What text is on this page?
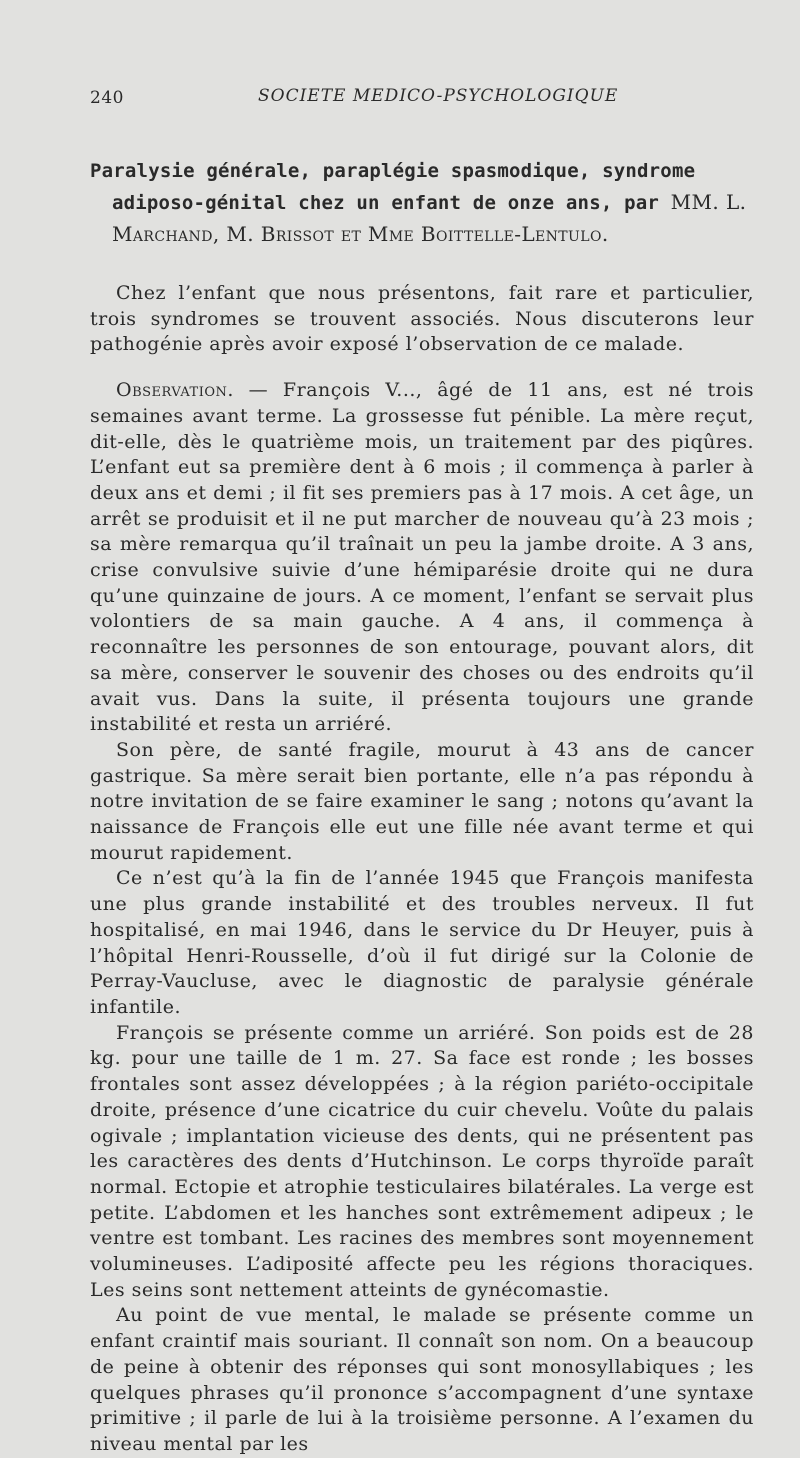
240	SOCIETE MEDICO-PSYCHOLOGIQUE
Paralysie générale, paraplégie spasmodique, syndrome adiposo-génital chez un enfant de onze ans, par MM. L. Marchand, M. Brissot et Mme Boittelle-Lentulo.

Chez l’enfant que nous présentons, fait rare et particulier, trois syndromes se trouvent associés. Nous discuterons leur pathogénie après avoir exposé l’observation de ce malade.

Observation. — François V..., âgé de 11 ans, est né trois semaines avant terme. La grossesse fut pénible. La mère reçut, dit-elle, dès le quatrième mois, un traitement par des piqûres. L’enfant eut sa première dent à 6 mois ; il commença à parler à deux ans et demi ; il fit ses premiers pas à 17 mois. A cet âge, un arrêt se produisit et il ne put marcher de nouveau qu’à 23 mois ; sa mère remarqua qu’il traînait un peu la jambe droite. A 3 ans, crise convulsive suivie d’une hémiparésie droite qui ne dura qu’une quinzaine de jours. A ce moment, l’enfant se servait plus volontiers de sa main gauche. A 4 ans, il commença à reconnaître les personnes de son entourage, pouvant alors, dit sa mère, conserver le souvenir des choses ou des endroits qu’il avait vus. Dans la suite, il présenta toujours une grande instabilité et resta un arriéré.

Son père, de santé fragile, mourut à 43 ans de cancer gastrique. Sa mère serait bien portante, elle n’a pas répondu à notre invitation de se faire examiner le sang ; notons qu’avant la naissance de François elle eut une fille née avant terme et qui mourut rapidement.

Ce n’est qu’à la fin de l’année 1945 que François manifesta une plus grande instabilité et des troubles nerveux. Il fut hospitalisé, en mai 1946, dans le service du Dr Heuyer, puis à l’hôpital Henri-Rousselle, d’où il fut dirigé sur la Colonie de Perray-Vaucluse, avec le diagnostic de paralysie générale infantile.

François se présente comme un arriéré. Son poids est de 28 kg. pour une taille de 1 m. 27. Sa face est ronde ; les bosses frontales sont assez développées ; à la région pariéto-occipitale droite, présence d’une cicatrice du cuir chevelu. Voûte du palais ogivale ; implantation vicieuse des dents, qui ne présentent pas les caractères des dents d’Hutchinson. Le corps thyroïde paraît normal. Ectopie et atrophie testiculaires bilatérales. La verge est petite. L’abdomen et les hanches sont extrêmement adipeux ; le ventre est tombant. Les racines des membres sont moyennement volumineuses. L’adiposité affecte peu les régions thoraciques. Les seins sont nettement atteints de gynécomastie.

Au point de vue mental, le malade se présente comme un enfant craintif mais souriant. Il connaît son nom. On a beaucoup de peine à obtenir des réponses qui sont monosyllabiques ; les quelques phrases qu’il prononce s’accompagnent d’une syntaxe primitive ; il parle de lui à la troisième personne. A l’examen du niveau mental par les
